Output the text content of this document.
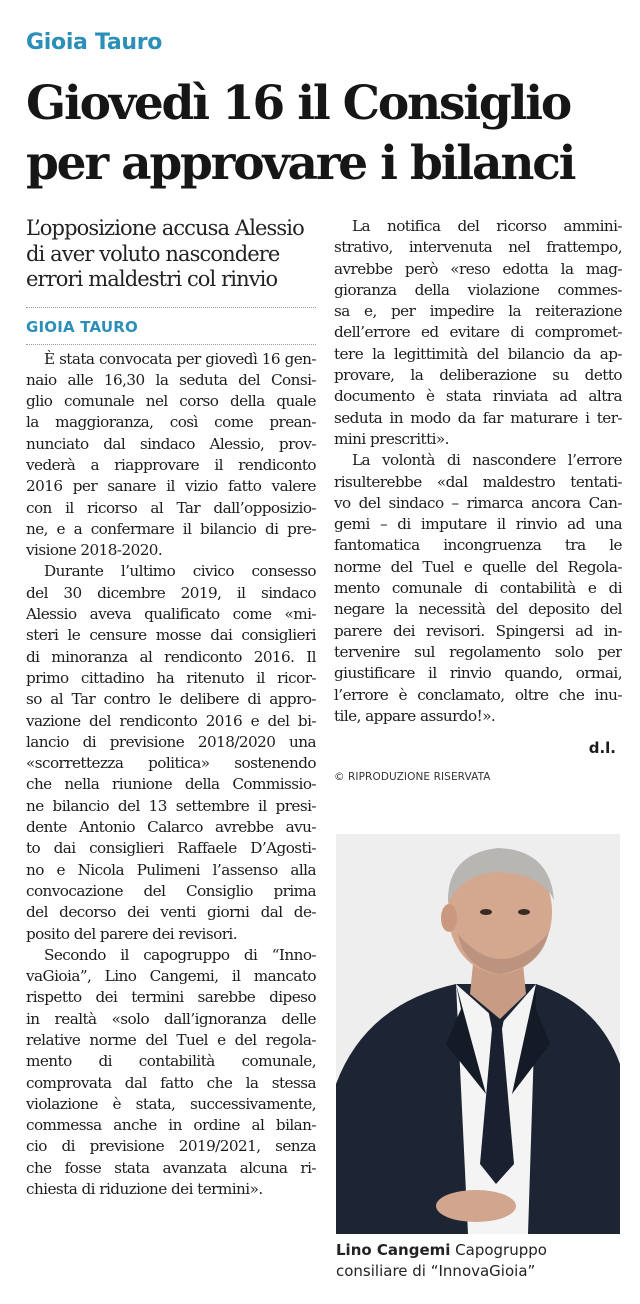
Gioia Tauro
Giovedì 16 il Consiglio
per approvare i bilanci
L’opposizione accusa Alessio
di aver voluto nascondere
errori maldestri col rinvio
GIOIA TAURO

È stata convocata per giovedì 16 gen-
naio alle 16,30 la seduta del Consi-
glio comunale nel corso della quale
la maggioranza, così come prean-
nunciato dal sindaco Alessio, prov-
vederà a riapprovare il rendiconto
2016 per sanare il vizio fatto valere
con il ricorso al Tar dall’opposizio-
ne, e a confermare il bilancio di pre-
visione 2018-2020.

Durante l’ultimo civico consesso
del 30 dicembre 2019, il sindaco
Alessio aveva qualificato come «mi-
steri le censure mosse dai consiglieri
di minoranza al rendiconto 2016. Il
primo cittadino ha ritenuto il ricor-
so al Tar contro le delibere di appro-
vazione del rendiconto 2016 e del bi-
lancio di previsione 2018/2020 una
«scorrettezza politica» sostenendo
che nella riunione della Commissio-
ne bilancio del 13 settembre il presi-
dente Antonio Calarco avrebbe avu-
to dai consiglieri Raffaele D’Agosti-
no e Nicola Pulimeni l’assenso alla
convocazione del Consiglio prima
del decorso dei venti giorni dal de-
posito del parere dei revisori.

Secondo il capogruppo di “Inno-
vaGioia”, Lino Cangemi, il mancato
rispetto dei termini sarebbe dipeso
in realtà «solo dall’ignoranza delle
relative norme del Tuel e del regola-
mento di contabilità comunale,
comprovata dal fatto che la stessa
violazione è stata, successivamente,
commessa anche in ordine al bilan-
cio di previsione 2019/2021, senza
che fosse stata avanzata alcuna ri-
chiesta di riduzione dei termini».

La notifica del ricorso ammini-
strativo, intervenuta nel frattempo,
avrebbe però «reso edotta la mag-
gioranza della violazione commes-
sa e, per impedire la reiterazione
dell’errore ed evitare di compromet-
tere la legittimità del bilancio da ap-
provare, la deliberazione su detto
documento è stata rinviata ad altra
seduta in modo da far maturare i ter-
mini prescritti».

La volontà di nascondere l’errore
risulterebbe «dal maldestro tentati-
vo del sindaco – rimarca ancora Can-
gemi – di imputare il rinvio ad una
fantomatica incongruenza tra le
norme del Tuel e quelle del Regola-
mento comunale di contabilità e di
negare la necessità del deposito del
parere dei revisori. Spingersi ad in-
tervenire sul regolamento solo per
giustificare il rinvio quando, ormai,
l’errore è conclamato, oltre che inu-
tile, appare assurdo!».

d.l.
© RIPRODUZIONE RISERVATA
Lino Cangemi Capogruppo
consiliare di “InnovaGioia”
